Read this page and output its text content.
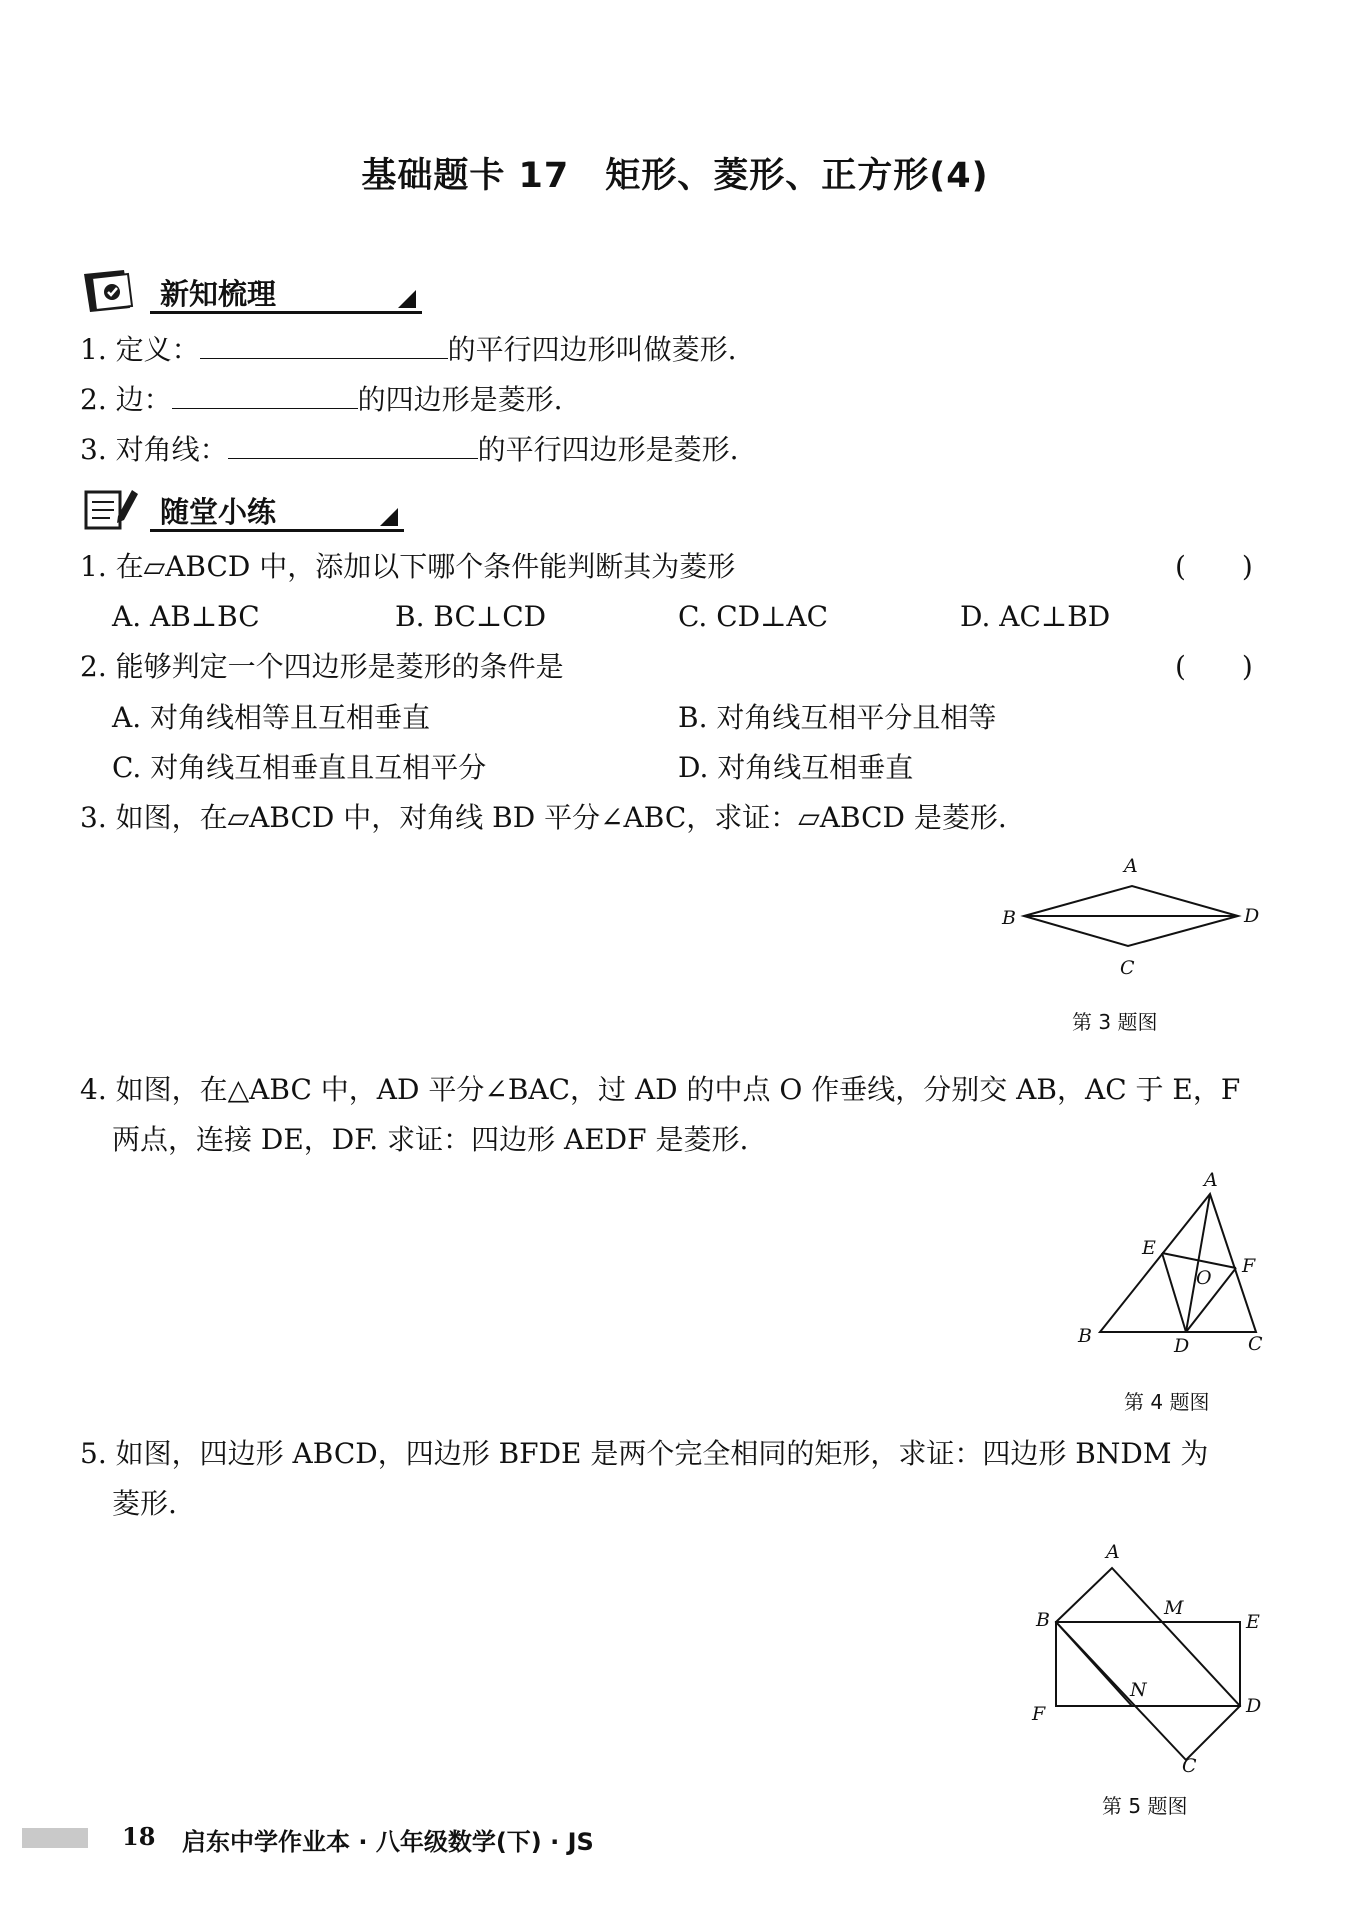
基础题卡 17　矩形、菱形、正方形(4)
新知梳理
1. 定义：	的平行四边形叫做菱形.
2. 边：	的四边形是菱形.
3. 对角线：	的平行四边形是菱形.
随堂小练
1. 在▱ABCD 中，添加以下哪个条件能判断其为菱形	(　　)
A. AB⊥BC	B. BC⊥CD	C. CD⊥AC	D. AC⊥BD
2. 能够判定一个四边形是菱形的条件是	(　　)
A. 对角线相等且互相垂直	B. 对角线互相平分且相等
C. 对角线互相垂直且互相平分	D. 对角线互相垂直
3. 如图，在▱ABCD 中，对角线 BD 平分∠ABC，求证：▱ABCD 是菱形.
A
B	D
C
第 3 题图
4. 如图，在△ABC 中，AD 平分∠BAC，过 AD 的中点 O 作垂线，分别交 AB，AC 于 E，F
两点，连接 DE，DF. 求证：四边形 AEDF 是菱形.
A
E
F
O
B	D	C
第 4 题图
5. 如图，四边形 ABCD，四边形 BFDE 是两个完全相同的矩形，求证：四边形 BNDM 为
菱形.
A
B
M
E
N
F	D
C
第 5 题图
18 启东中学作业本 · 八年级数学(下) · JS
